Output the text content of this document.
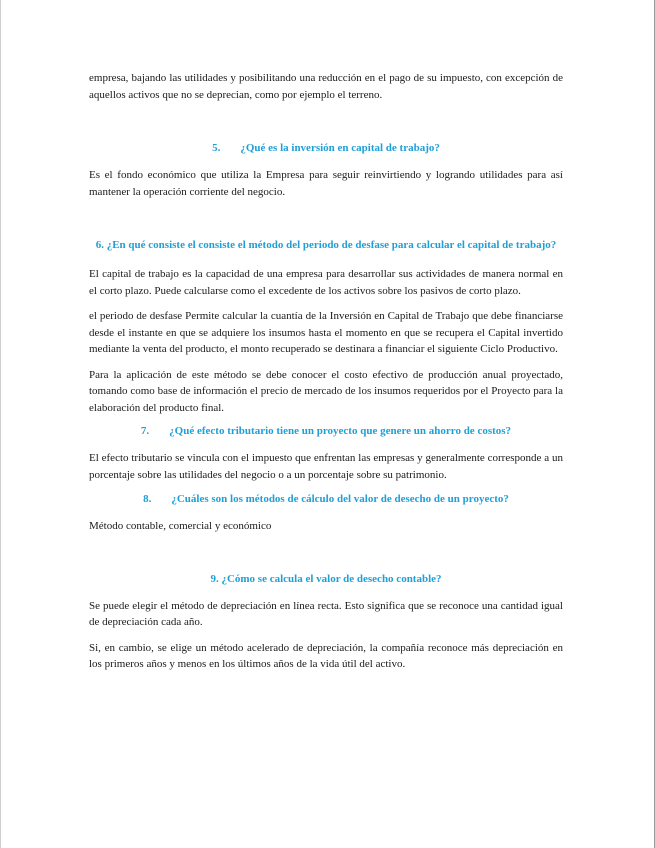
empresa, bajando las utilidades y posibilitando una reducción en el pago de su impuesto, con excepción de aquellos activos que no se deprecian, como por ejemplo el terreno.

5. ¿Qué es la inversión en capital de trabajo?

Es el fondo económico que utiliza la Empresa para seguir reinvirtiendo y logrando utilidades para así mantener la operación corriente del negocio.

6. ¿En qué consiste el consiste el método del periodo de desfase para calcular el capital de trabajo?

El capital de trabajo es la capacidad de una empresa para desarrollar sus actividades de manera normal en el corto plazo. Puede calcularse como el excedente de los activos sobre los pasivos de corto plazo.

el periodo de desfase Permite calcular la cuantía de la Inversión en Capital de Trabajo que debe financiarse desde el instante en que se adquiere los insumos hasta el momento en que se recupera el Capital invertido mediante la venta del producto, el monto recuperado se destinara a financiar el siguiente Ciclo Productivo.

Para la aplicación de este método se debe conocer el costo efectivo de producción anual proyectado, tomando como base de información el precio de mercado de los insumos requeridos por el Proyecto para la elaboración del producto final.

7. ¿Qué efecto tributario tiene un proyecto que genere un ahorro de costos?

El efecto tributario se vincula con el impuesto que enfrentan las empresas y generalmente corresponde a un porcentaje sobre las utilidades del negocio o a un porcentaje sobre su patrimonio.

8. ¿Cuáles son los métodos de cálculo del valor de desecho de un proyecto?

Método contable, comercial y económico

9. ¿Cómo se calcula el valor de desecho contable?

Se puede elegir el método de depreciación en línea recta. Esto significa que se reconoce una cantidad igual de depreciación cada año.

Si, en cambio, se elige un método acelerado de depreciación, la compañía reconoce más depreciación en los primeros años y menos en los últimos años de la vida útil del activo.
